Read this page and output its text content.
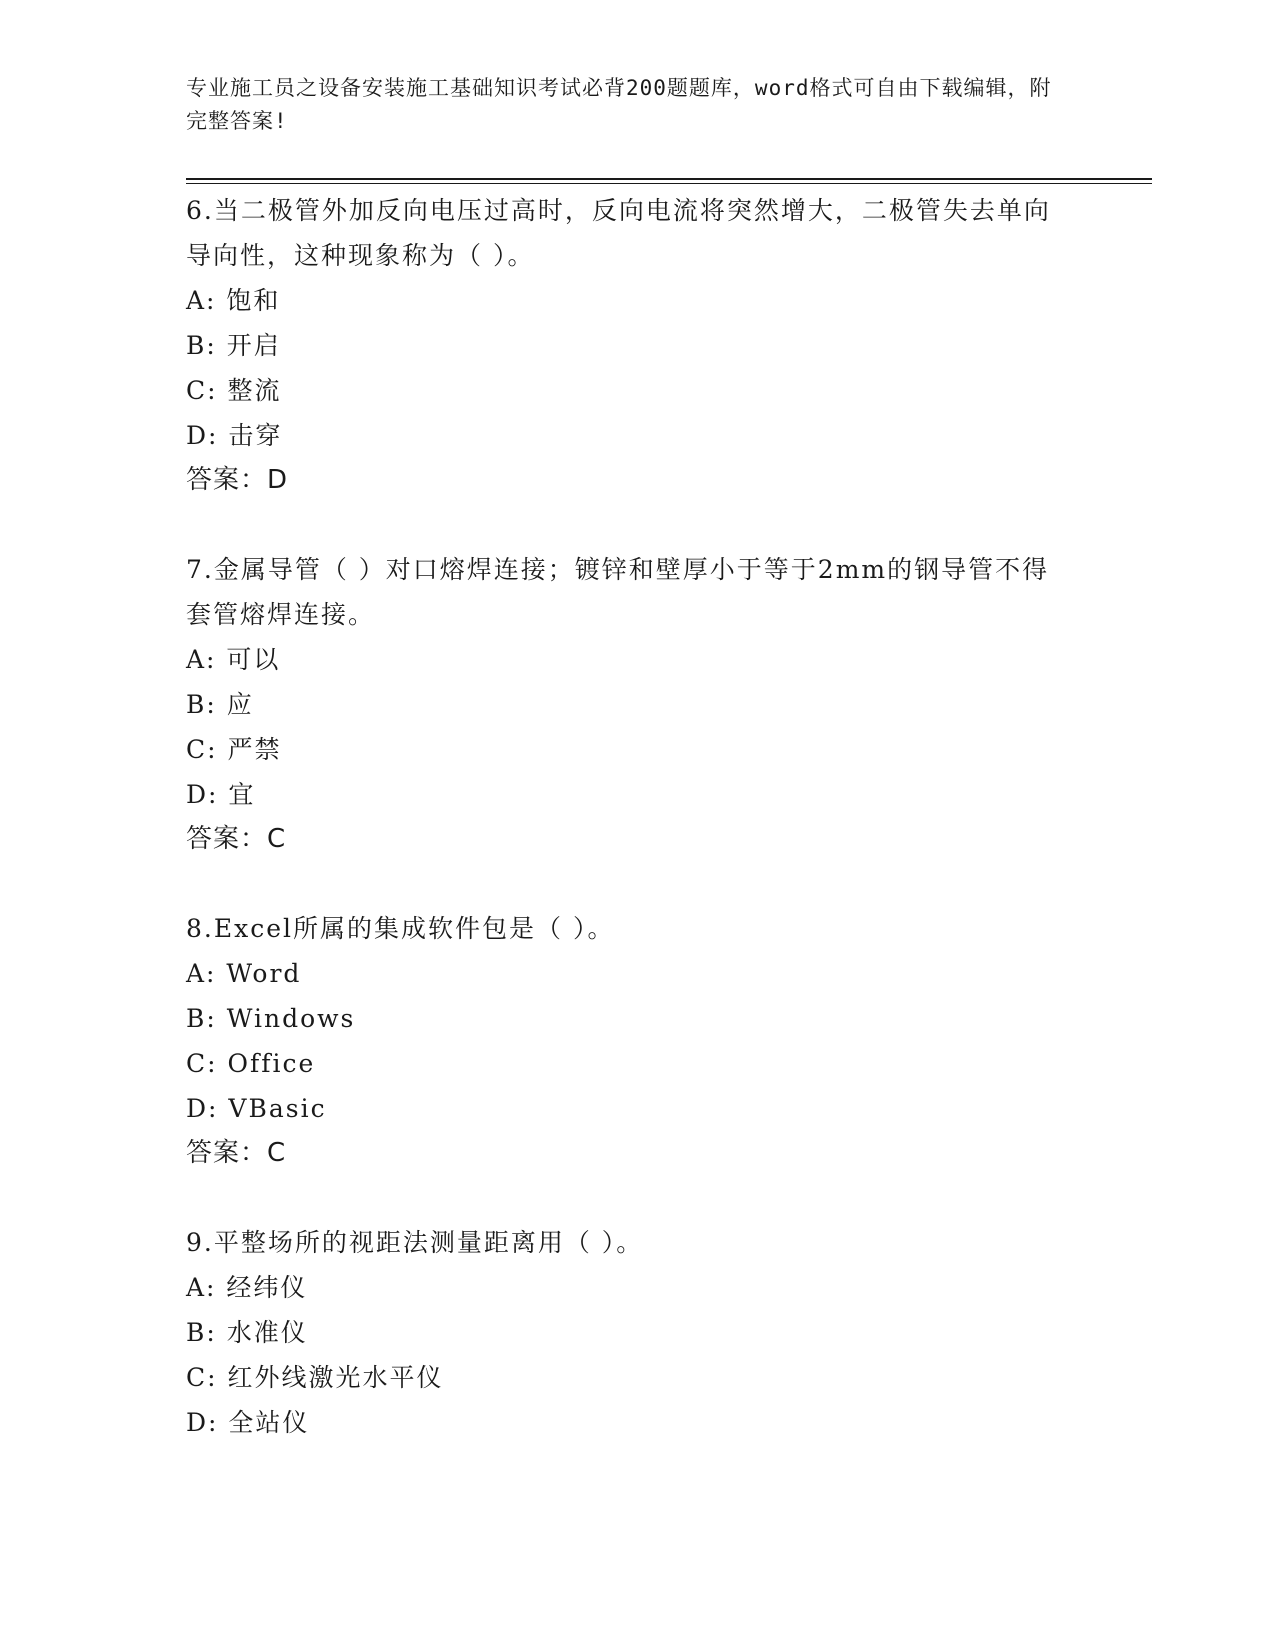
专业施工员之设备安装施工基础知识考试必背200题题库，word格式可自由下载编辑，附完整答案!
6.当二极管外加反向电压过高时，反向电流将突然增大，二极管失去单向导向性，这种现象称为（ ）。
A: 饱和
B: 开启
C: 整流
D: 击穿
答案：D
7.金属导管（ ）对口熔焊连接；镀锌和壁厚小于等于2mm的钢导管不得套管熔焊连接。
A: 可以
B: 应
C: 严禁
D: 宜
答案：C
8.Excel所属的集成软件包是（ ）。
A: Word
B: Windows
C: Office
D: VBasic
答案：C
9.平整场所的视距法测量距离用（ ）。
A: 经纬仪
B: 水准仪
C: 红外线激光水平仪
D: 全站仪
